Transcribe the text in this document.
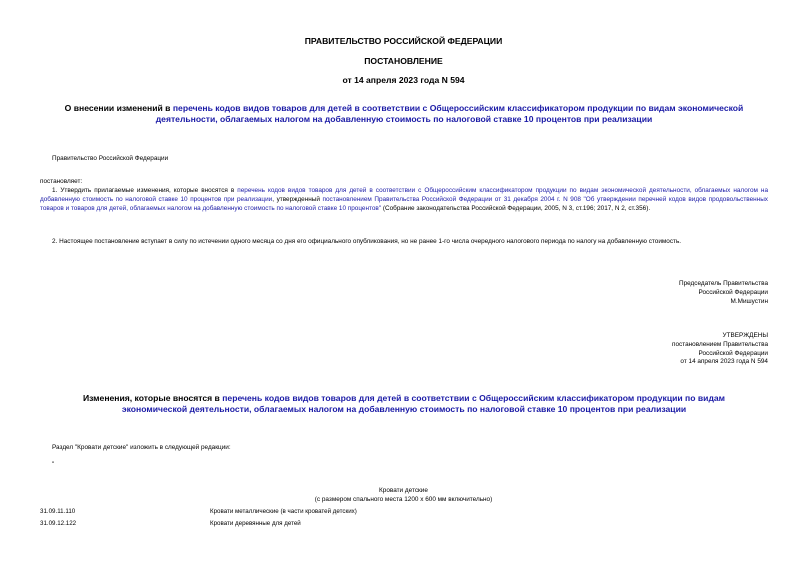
ПРАВИТЕЛЬСТВО РОССИЙСКОЙ ФЕДЕРАЦИИ
ПОСТАНОВЛЕНИЕ
от 14 апреля 2023 года N 594
О внесении изменений в перечень кодов видов товаров для детей в соответствии с Общероссийским классификатором продукции по видам экономической деятельности, облагаемых налогом на добавленную стоимость по налоговой ставке 10 процентов при реализации
Правительство Российской Федерации
постановляет:
1. Утвердить прилагаемые изменения, которые вносятся в перечень кодов видов товаров для детей в соответствии с Общероссийским классификатором продукции по видам экономической деятельности, облагаемых налогом на добавленную стоимость по налоговой ставке 10 процентов при реализации, утвержденный постановлением Правительства Российской Федерации от 31 декабря 2004 г. N 908 "Об утверждении перечней кодов видов продовольственных товаров и товаров для детей, облагаемых налогом на добавленную стоимость по налоговой ставке 10 процентов" (Собрание законодательства Российской Федерации, 2005, N 3, ст.196; 2017, N 2, ст.356).
2. Настоящее постановление вступает в силу по истечении одного месяца со дня его официального опубликования, но не ранее 1-го числа очередного налогового периода по налогу на добавленную стоимость.
Председатель Правительства
Российской Федерации
М.Мишустин
УТВЕРЖДЕНЫ
постановлением Правительства
Российской Федерации
от 14 апреля 2023 года N 594
Изменения, которые вносятся в перечень кодов видов товаров для детей в соответствии с Общероссийским классификатором продукции по видам экономической деятельности, облагаемых налогом на добавленную стоимость по налоговой ставке 10 процентов при реализации
Раздел "Кровати детские" изложить в следующей редакции:
"
Кровати детские
(с размером спального места 1200 x 600 мм включительно)
31.09.11.110	Кровати металлические (в части кроватей детских)
31.09.12.122	Кровати деревянные для детей
